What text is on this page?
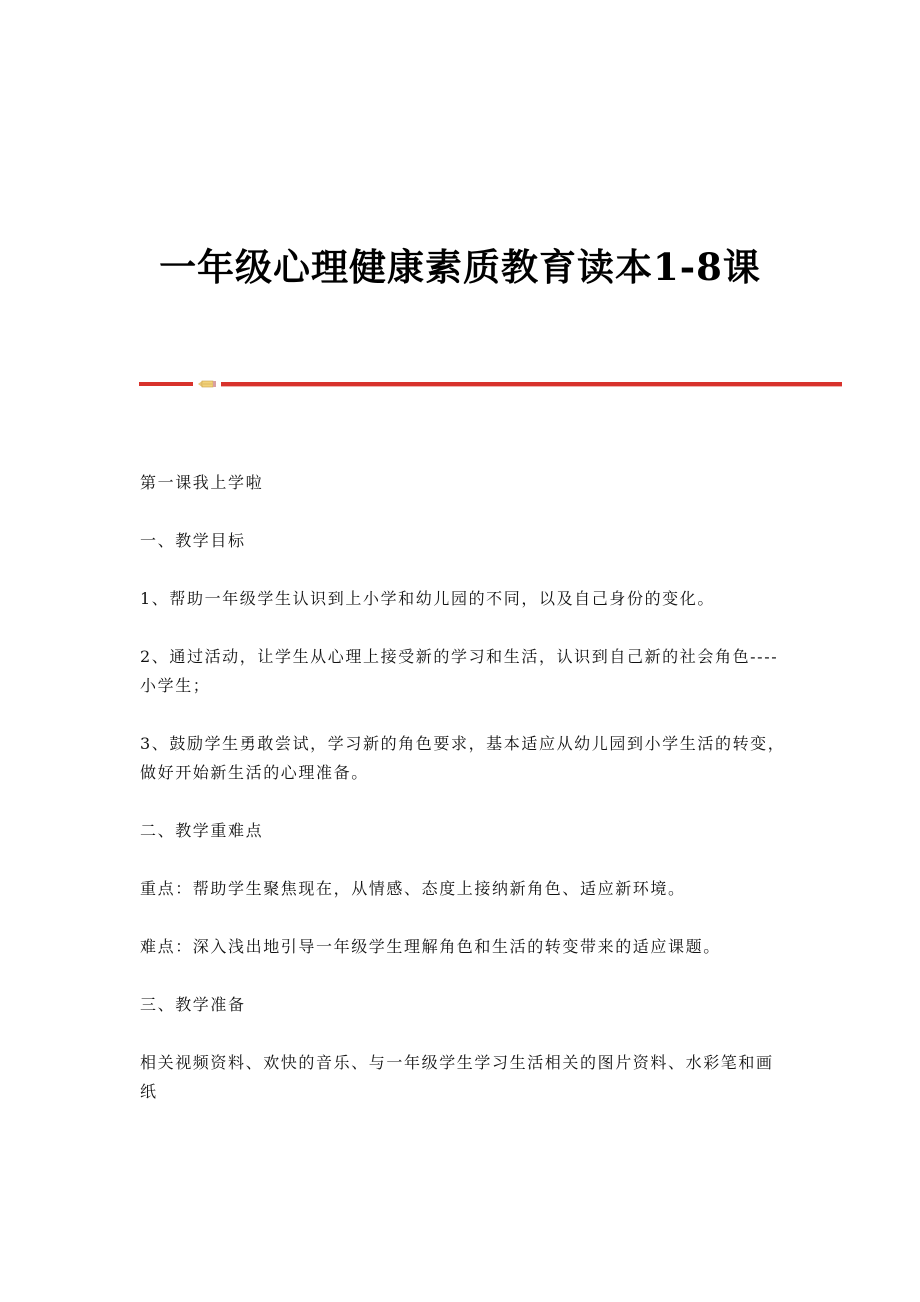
一年级心理健康素质教育读本1-8课

第一课我上学啦

一、教学目标

1、帮助一年级学生认识到上小学和幼儿园的不同，以及自己身份的变化。

2、通过活动，让学生从心理上接受新的学习和生活，认识到自己新的社会角色----小学生；

3、鼓励学生勇敢尝试，学习新的角色要求，基本适应从幼儿园到小学生活的转变，做好开始新生活的心理准备。

二、教学重难点

重点：帮助学生聚焦现在，从情感、态度上接纳新角色、适应新环境。

难点：深入浅出地引导一年级学生理解角色和生活的转变带来的适应课题。

三、教学准备

相关视频资料、欢快的音乐、与一年级学生学习生活相关的图片资料、水彩笔和画纸
